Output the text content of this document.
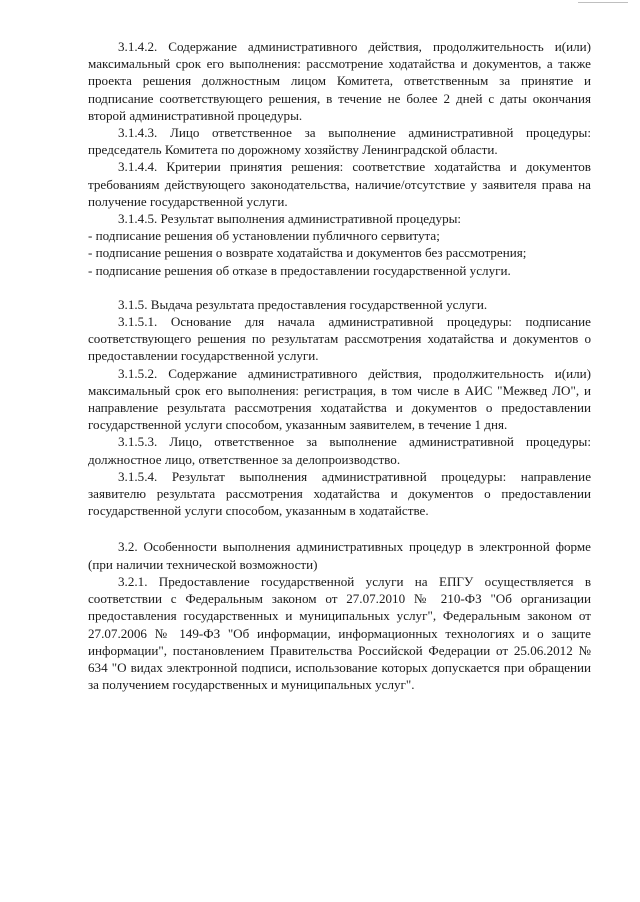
3.1.4.2. Содержание административного действия, продолжительность и(или) максимальный срок его выполнения: рассмотрение ходатайства и документов, а также проекта решения должностным лицом Комитета, ответственным за принятие и подписание соответствующего решения, в течение не более 2 дней с даты окончания второй административной процедуры.

3.1.4.3. Лицо ответственное за выполнение административной процедуры: председатель Комитета по дорожному хозяйству Ленинградской области.

3.1.4.4. Критерии принятия решения: соответствие ходатайства и документов требованиям действующего законодательства, наличие/отсутствие у заявителя права на получение государственной услуги.

3.1.4.5. Результат выполнения административной процедуры:

- подписание решения об установлении публичного сервитута;

- подписание решения о возврате ходатайства и документов без рассмотрения;

- подписание решения об отказе в предоставлении государственной услуги.

3.1.5. Выдача результата предоставления государственной услуги.

3.1.5.1. Основание для начала административной процедуры: подписание соответствующего решения по результатам рассмотрения ходатайства и документов о предоставлении государственной услуги.

3.1.5.2. Содержание административного действия, продолжительность и(или) максимальный срок его выполнения: регистрация, в том числе в АИС "Межвед ЛО", и направление результата рассмотрения ходатайства и документов о предоставлении государственной услуги способом, указанным заявителем, в течение 1 дня.

3.1.5.3. Лицо, ответственное за выполнение административной процедуры: должностное лицо, ответственное за делопроизводство.

3.1.5.4. Результат выполнения административной процедуры: направление заявителю результата рассмотрения ходатайства и документов о предоставлении государственной услуги способом, указанным в ходатайстве.

3.2. Особенности выполнения административных процедур в электронной форме (при наличии технической возможности)

3.2.1. Предоставление государственной услуги на ЕПГУ осуществляется в соответствии с Федеральным законом от 27.07.2010 № 210-ФЗ "Об организации предоставления государственных и муниципальных услуг", Федеральным законом от 27.07.2006 № 149-ФЗ "Об информации, информационных технологиях и о защите информации", постановлением Правительства Российской Федерации от 25.06.2012 № 634 "О видах электронной подписи, использование которых допускается при обращении за получением государственных и муниципальных услуг".
